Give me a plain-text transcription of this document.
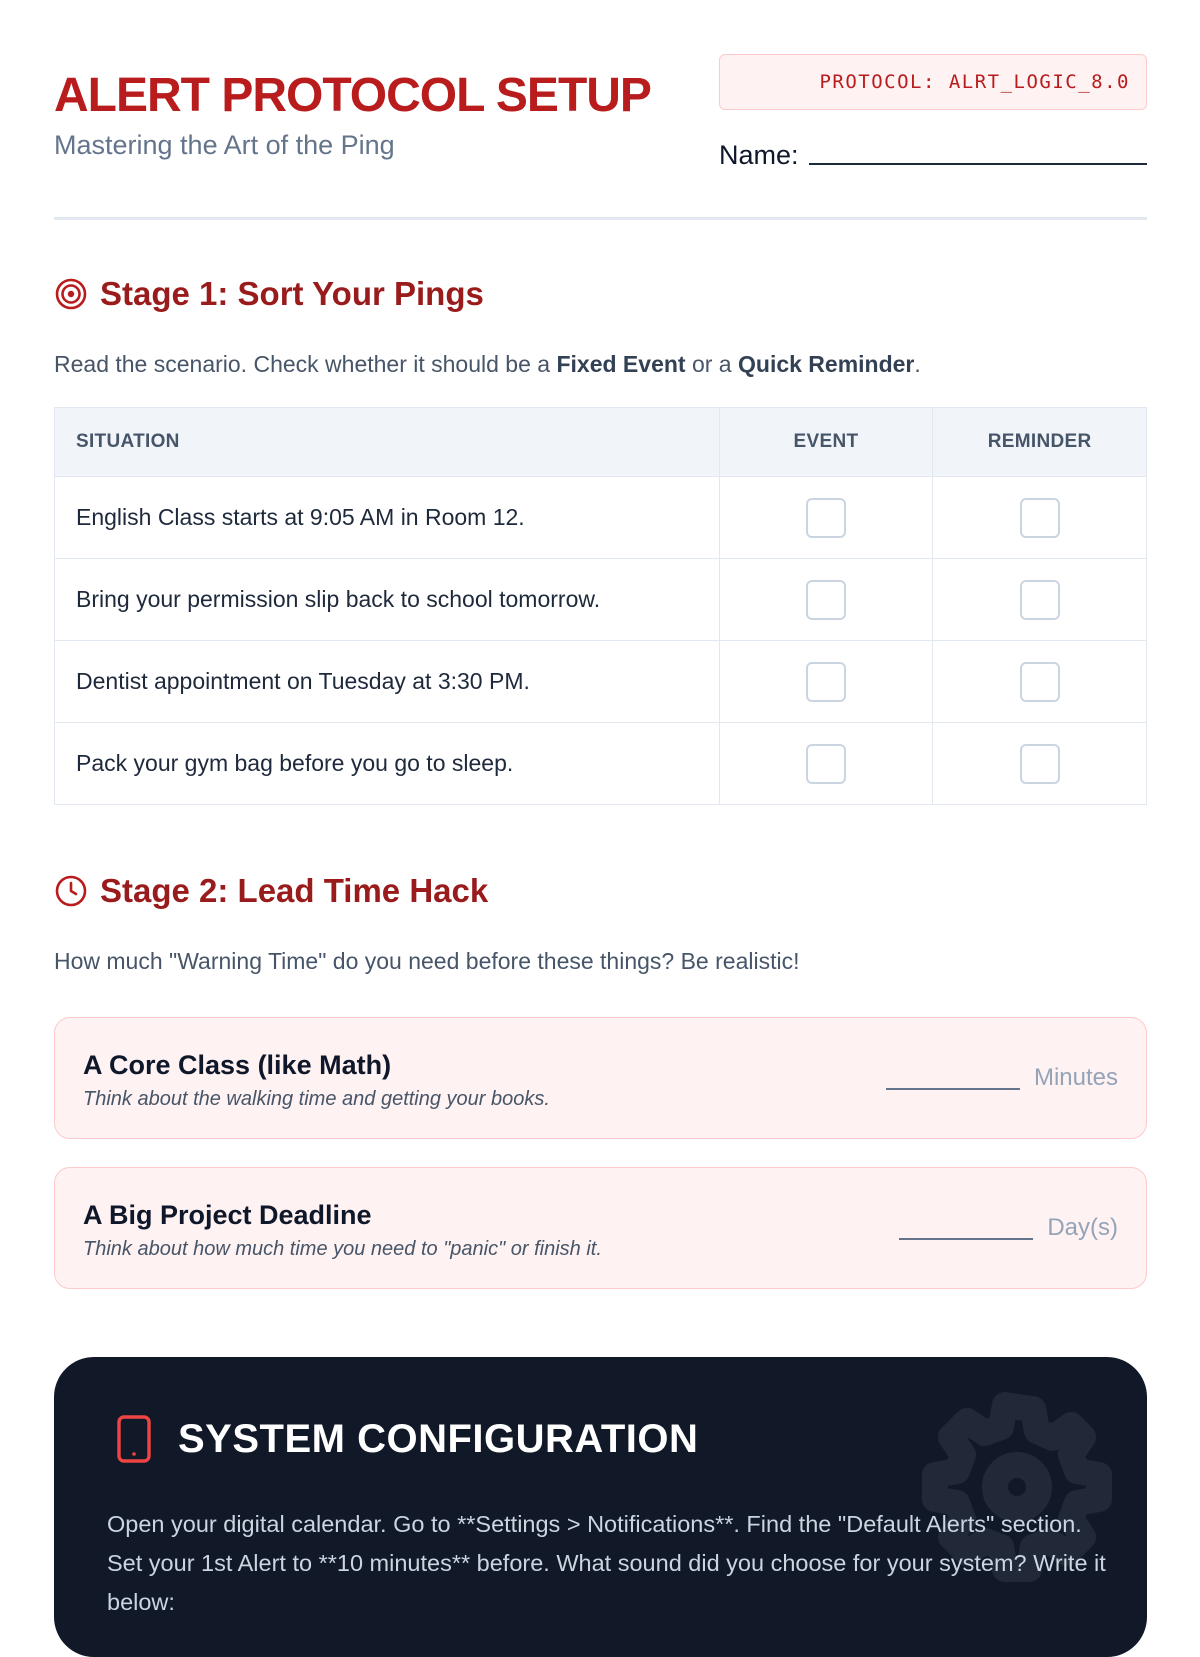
ALERT PROTOCOL SETUP
Mastering the Art of the Ping
PROTOCOL: ALRT_LOGIC_8.0
Name:
Stage 1: Sort Your Pings
Read the scenario. Check whether it should be a Fixed Event or a Quick Reminder.
SITUATION	EVENT	REMINDER
English Class starts at 9:05 AM in Room 12.		
Bring your permission slip back to school tomorrow.		
Dentist appointment on Tuesday at 3:30 PM.		
Pack your gym bag before you go to sleep.		
Stage 2: Lead Time Hack
How much "Warning Time" do you need before these things? Be realistic!
A Core Class (like Math)
Think about the walking time and getting your books.
Minutes
A Big Project Deadline
Think about how much time you need to "panic" or finish it.
Day(s)
SYSTEM CONFIGURATION
Open your digital calendar. Go to **Settings > Notifications**. Find the "Default Alerts" section. Set your 1st Alert to **10 minutes** before. What sound did you choose for your system? Write it below:
